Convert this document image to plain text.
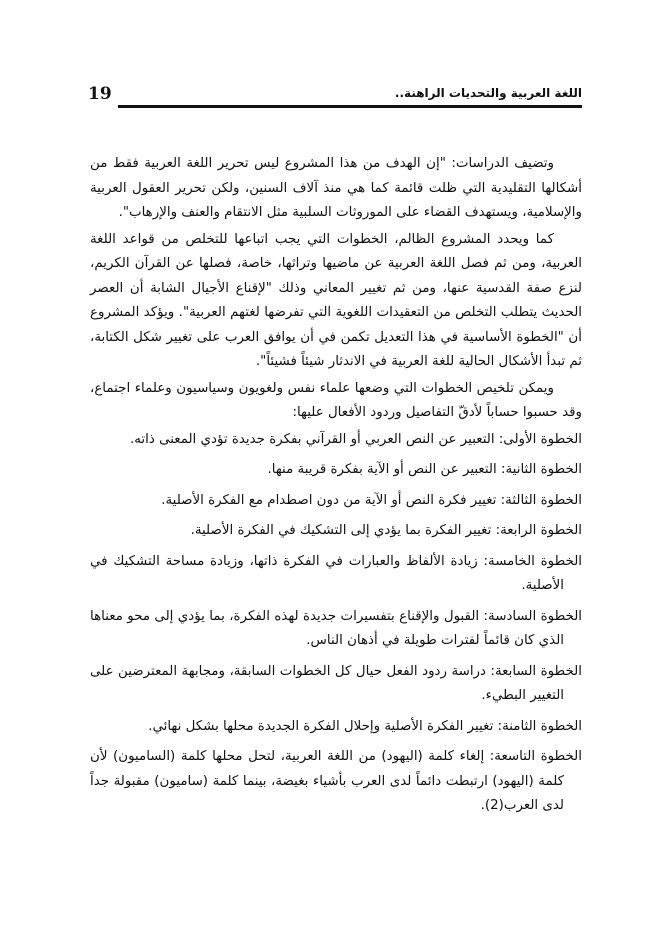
19	اللغة العربية والتحديات الراهنة..

وتضيف الدراسات: "إن الهدف من هذا المشروع ليس تحرير اللغة العربية فقط من أشكالها التقليدية التي ظلت قائمة كما هي منذ آلاف السنين، ولكن تحرير العقول العربية والإسلامية، ويستهدف القضاء على الموروثات السلبية مثل الانتقام والعنف والإرهاب".

كما ويحدد المشروع الظالم، الخطوات التي يجب اتباعها للتخلص من قواعد اللغة العربية، ومن ثم فصل اللغة العربية عن ماضيها وتراثها، خاصة، فصلها عن القرآن الكريم، لنزع صفة القدسية عنها، ومن ثم تغيير المعاني وذلك "لإقناع الأجيال الشابة أن العصر الحديث يتطلب التخلص من التعقيدات اللغوية التي تفرضها لغتهم العربية". ويؤكد المشروع أن "الخطوة الأساسية في هذا التعديل تكمن في أن يوافق العرب على تغيير شكل الكتابة، ثم تبدأ الأشكال الحالية للغة العربية في الاندثار شيئاً فشيئاً".

ويمكن تلخيص الخطوات التي وضعها علماء نفس ولغويون وسياسيون وعلماء اجتماع، وقد حسبوا حساباً لأدقّ التفاصيل وردود الأفعال عليها:

الخطوة الأولى: التعبير عن النص العربي أو القرآني بفكرة جديدة تؤدي المعنى ذاته.

الخطوة الثانية: التعبير عن النص أو الآية بفكرة قريبة منها.

الخطوة الثالثة: تغيير فكرة النص أو الآية من دون اصطدام مع الفكرة الأصلية.

الخطوة الرابعة: تغيير الفكرة بما يؤدي إلى التشكيك في الفكرة الأصلية.

الخطوة الخامسة: زيادة الألفاظ والعبارات في الفكرة ذاتها، وزيادة مساحة التشكيك في الأصلية.

الخطوة السادسة: القبول والإقناع بتفسيرات جديدة لهذه الفكرة، بما يؤدي إلى محو معناها الذي كان قائماً لفترات طويلة في أذهان الناس.

الخطوة السابعة: دراسة ردود الفعل حيال كل الخطوات السابقة، ومجابهة المعترضين على التغيير البطيء.

الخطوة الثامنة: تغيير الفكرة الأصلية وإحلال الفكرة الجديدة محلها بشكل نهائي.

الخطوة التاسعة: إلغاء كلمة (اليهود) من اللغة العربية، لتحل محلها كلمة (الساميون) لأن كلمة (اليهود) ارتبطت دائماً لدى العرب بأشياء بغيضة، بينما كلمة (ساميون) مقبولة جداً لدى العرب(2).
